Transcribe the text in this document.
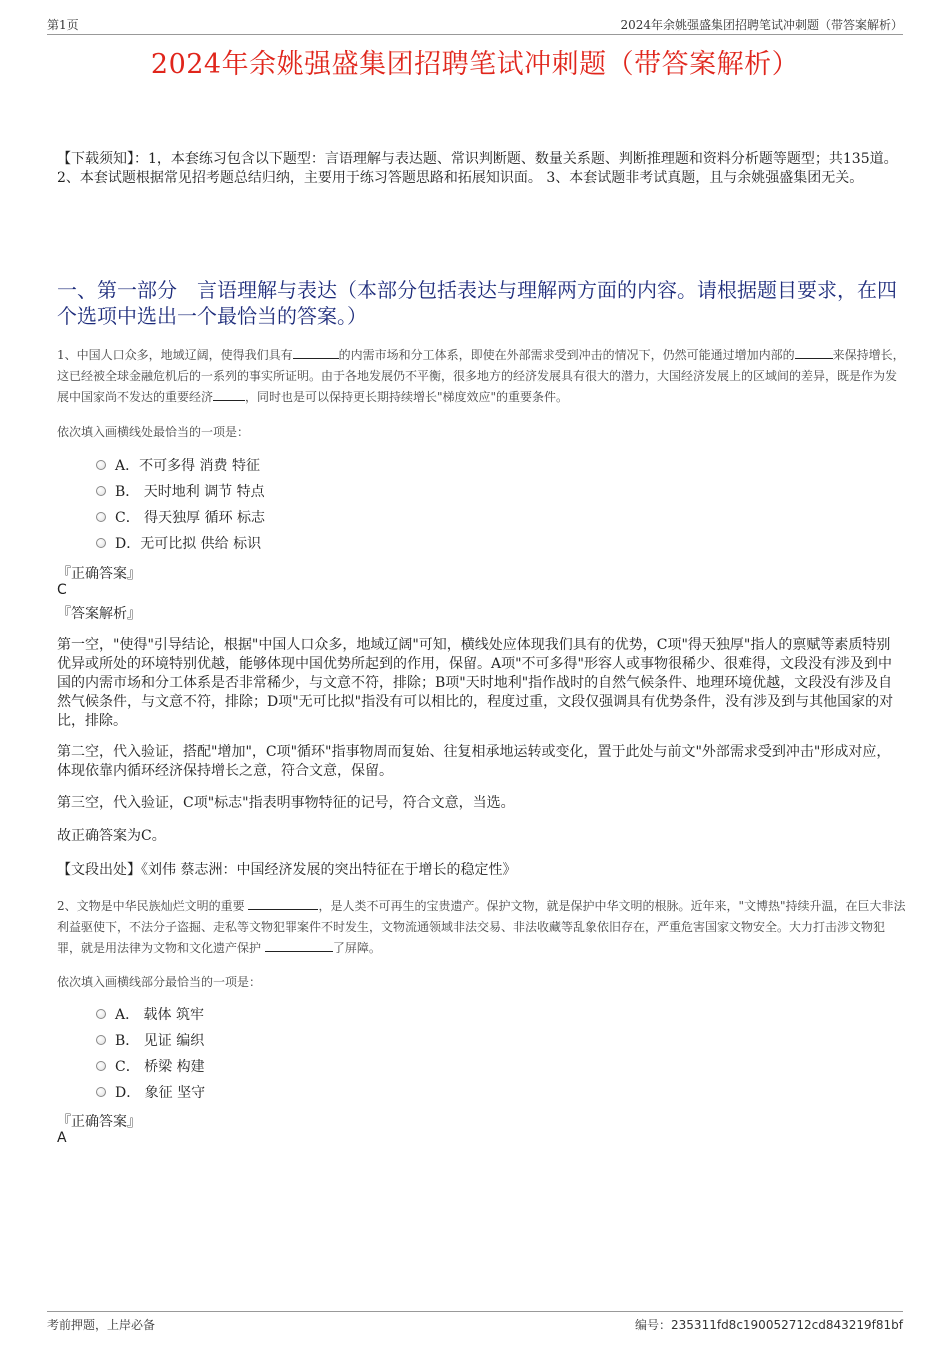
第1页	2024年余姚强盛集团招聘笔试冲刺题（带答案解析）
2024年余姚强盛集团招聘笔试冲刺题（带答案解析）
【下载须知】：1，本套练习包含以下题型：言语理解与表达题、常识判断题、数量关系题、判断推理题和资料分析题等题型；共135道。 2、本套试题根据常见招考题总结归纳，主要用于练习答题思路和拓展知识面。 3、本套试题非考试真题，且与余姚强盛集团无关。
一、第一部分　言语理解与表达（本部分包括表达与理解两方面的内容。请根据题目要求，在四个选项中选出一个最恰当的答案。）
1、中国人口众多，地域辽阔，使得我们具有	的内需市场和分工体系，即使在外部需求受到冲击的情况下，仍然可能通过增加内部的	来保持增长，这已经被全球金融危机后的一系列的事实所证明。由于各地发展仍不平衡，很多地方的经济发展具有很大的潜力，大国经济发展上的区域间的差异，既是作为发展中国家尚不发达的重要经济	，同时也是可以保持更长期持续增长"梯度效应"的重要条件。
依次填入画横线处最恰当的一项是：
A．不可多得 消费 特征
B． 天时地利 调节 特点
C． 得天独厚 循环 标志
D．无可比拟 供给 标识
『正确答案』
C
『答案解析』
第一空，"使得"引导结论，根据"中国人口众多，地域辽阔"可知，横线处应体现我们具有的优势，C项"得天独厚"指人的禀赋等素质特别优异或所处的环境特别优越，能够体现中国优势所起到的作用，保留。A项"不可多得"形容人或事物很稀少、很难得，文段没有涉及到中国的内需市场和分工体系是否非常稀少，与文意不符，排除；B项"天时地利"指作战时的自然气候条件、地理环境优越，文段没有涉及自然气候条件，与文意不符，排除；D项"无可比拟"指没有可以相比的，程度过重，文段仅强调具有优势条件，没有涉及到与其他国家的对比，排除。
第二空，代入验证，搭配"增加"，C项"循环"指事物周而复始、往复相承地运转或变化，置于此处与前文"外部需求受到冲击"形成对应，体现依靠内循环经济保持增长之意，符合文意，保留。
第三空，代入验证，C项"标志"指表明事物特征的记号，符合文意，当选。
故正确答案为C。
【文段出处】《刘伟 蔡志洲：中国经济发展的突出特征在于增长的稳定性》
2、文物是中华民族灿烂文明的重要	，是人类不可再生的宝贵遗产。保护文物，就是保护中华文明的根脉。近年来，"文博热"持续升温，在巨大非法利益驱使下，不法分子盗掘、走私等文物犯罪案件不时发生，文物流通领域非法交易、非法收藏等乱象依旧存在，严重危害国家文物安全。大力打击涉文物犯罪，就是用法律为文物和文化遗产保护	了屏障。
依次填入画横线部分最恰当的一项是：
A． 载体 筑牢
B． 见证 编织
C． 桥梁 构建
D． 象征 坚守
『正确答案』
A
考前押题，上岸必备	编号：235311fd8c190052712cd843219f81bf
